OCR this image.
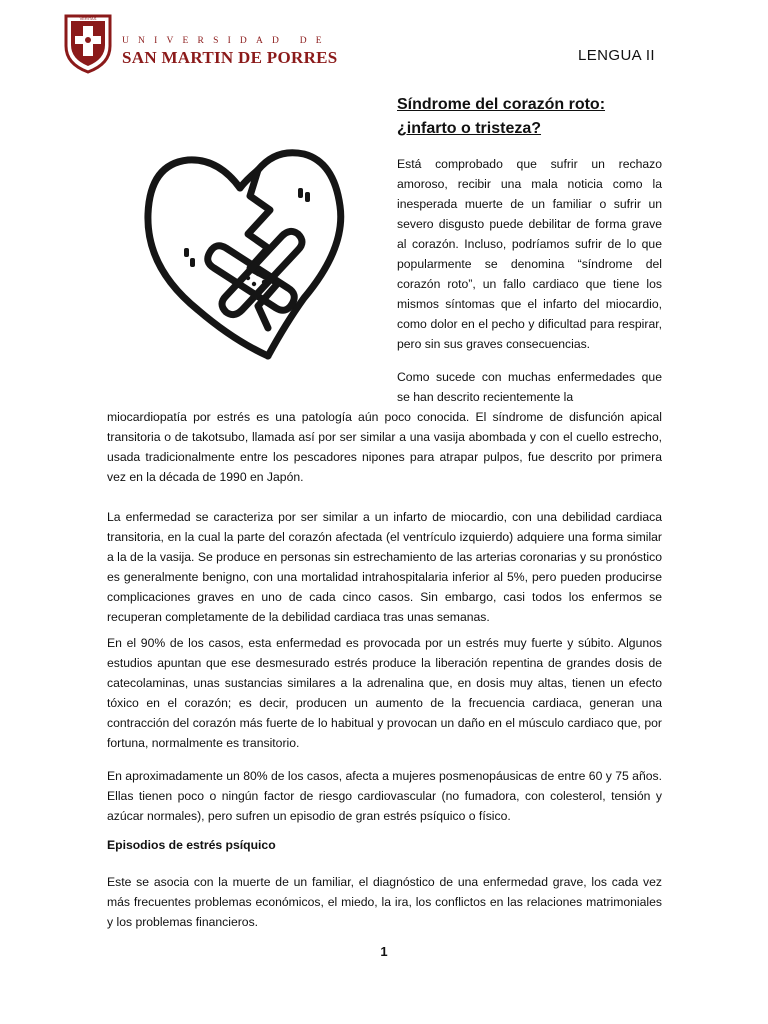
VERITAS
UNIVERSIDAD DE
SAN MARTIN DE PORRES	LENGUA II
Síndrome del corazón roto: ¿infarto o tristeza?

Está comprobado que sufrir un rechazo amoroso, recibir una mala noticia como la inesperada muerte de un familiar o sufrir un severo disgusto puede debilitar de forma grave al corazón. Incluso, podríamos sufrir de lo que popularmente se denomina “síndrome del corazón roto”, un fallo cardiaco que tiene los mismos síntomas que el infarto del miocardio, como dolor en el pecho y dificultad para respirar, pero sin sus graves consecuencias.

Como sucede con muchas enfermedades que se han descrito recientemente la

miocardiopatía por estrés es una patología aún poco conocida. El síndrome de disfunción apical transitoria o de takotsubo, llamada así por ser similar a una vasija abombada y con el cuello estrecho, usada tradicionalmente entre los pescadores nipones para atrapar pulpos, fue descrito por primera vez en la década de 1990 en Japón.

La enfermedad se caracteriza por ser similar a un infarto de miocardio, con una debilidad cardiaca transitoria, en la cual la parte del corazón afectada (el ventrículo izquierdo) adquiere una forma similar a la de la vasija. Se produce en personas sin estrechamiento de las arterias coronarias y su pronóstico es generalmente benigno, con una mortalidad intrahospitalaria inferior al 5%, pero pueden producirse complicaciones graves en uno de cada cinco casos. Sin embargo, casi todos los enfermos se recuperan completamente de la debilidad cardiaca tras unas semanas.

En el 90% de los casos, esta enfermedad es provocada por un estrés muy fuerte y súbito. Algunos estudios apuntan que ese desmesurado estrés produce la liberación repentina de grandes dosis de catecolaminas, unas sustancias similares a la adrenalina que, en dosis muy altas, tienen un efecto tóxico en el corazón; es decir, producen un aumento de la frecuencia cardiaca, generan una contracción del corazón más fuerte de lo habitual y provocan un daño en el músculo cardiaco que, por fortuna, normalmente es transitorio.

En aproximadamente un 80% de los casos, afecta a mujeres posmenopáusicas de entre 60 y 75 años. Ellas tienen poco o ningún factor de riesgo cardiovascular (no fumadora, con colesterol, tensión y azúcar normales), pero sufren un episodio de gran estrés psíquico o físico.

Episodios de estrés psíquico

Este se asocia con la muerte de un familiar, el diagnóstico de una enfermedad grave, los cada vez más frecuentes problemas económicos, el miedo, la ira, los conflictos en las relaciones matrimoniales y los problemas financieros.

1
